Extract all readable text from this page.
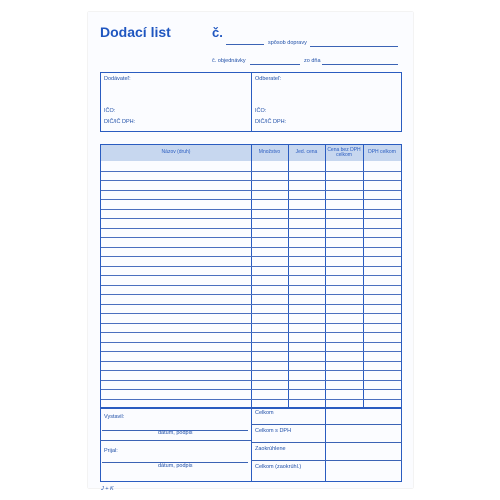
Dodací list	č.
spôsob dopravy
č. objednávky	zo dňa
Dodávateľ:
IČO:
DIČ/IČ DPH:
Odberateľ:
IČO:
DIČ/IČ DPH:
Názov (druh)	Množstvo	Jed. cena	Cena bez DPH celkom	DPH celkom
Vystavil:
dátum, podpis
Prijal:
dátum, podpis
Celkom
Celkom s DPH
Zaokrúhlene
Celkom (zaokrúhl.)
J + K
